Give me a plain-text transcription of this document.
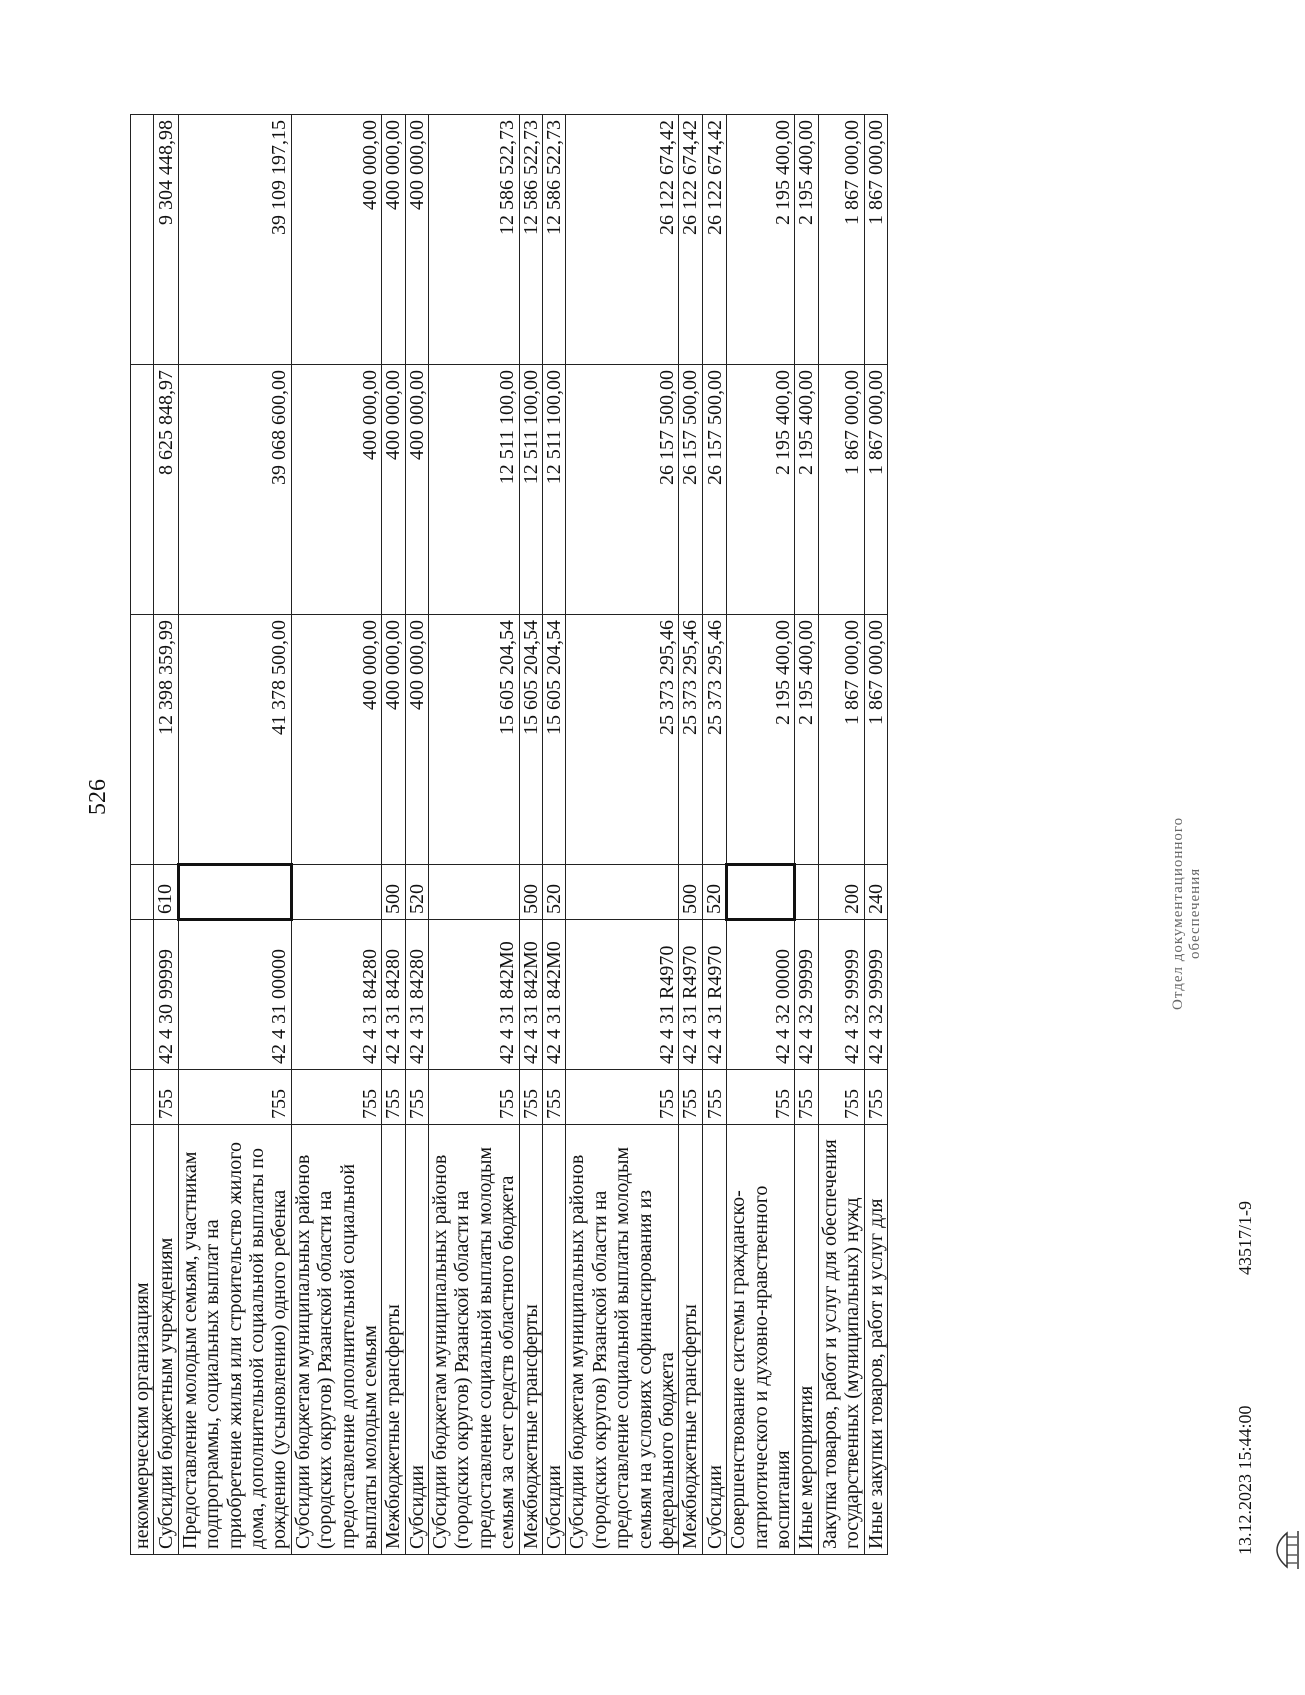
526
некоммерческим организациям						
Субсидии бюджетным учреждениям	755	42 4 30 99999	610	12 398 359,99	8 625 848,97	9 304 448,98
Предоставление молодым семьям, участникам подпрограммы, социальных выплат на приобретение жилья или строительство жилого дома, дополнительной социальной выплаты по рождению (усыновлению) одного ребенка	755	42 4 31 00000		41 378 500,00	39 068 600,00	39 109 197,15
Субсидии бюджетам муниципальных районов (городских округов) Рязанской области на предоставление дополнительной социальной выплаты молодым семьям	755	42 4 31 84280		400 000,00	400 000,00	400 000,00
Межбюджетные трансферты	755	42 4 31 84280	500	400 000,00	400 000,00	400 000,00
Субсидии	755	42 4 31 84280	520	400 000,00	400 000,00	400 000,00
Субсидии бюджетам муниципальных районов (городских округов) Рязанской области на предоставление социальной выплаты молодым семьям за счет средств областного бюджета	755	42 4 31 842М0		15 605 204,54	12 511 100,00	12 586 522,73
Межбюджетные трансферты	755	42 4 31 842М0	500	15 605 204,54	12 511 100,00	12 586 522,73
Субсидии	755	42 4 31 842М0	520	15 605 204,54	12 511 100,00	12 586 522,73
Субсидии бюджетам муниципальных районов (городских округов) Рязанской области на предоставление социальной выплаты молодым семьям на условиях софинансирования из федерального бюджета	755	42 4 31 R4970		25 373 295,46	26 157 500,00	26 122 674,42
Межбюджетные трансферты	755	42 4 31 R4970	500	25 373 295,46	26 157 500,00	26 122 674,42
Субсидии	755	42 4 31 R4970	520	25 373 295,46	26 157 500,00	26 122 674,42
Совершенствование системы гражданско-патриотического и духовно-нравственного воспитания	755	42 4 32 00000		2 195 400,00	2 195 400,00	2 195 400,00
Иные мероприятия	755	42 4 32 99999		2 195 400,00	2 195 400,00	2 195 400,00
Закупка товаров, работ и услуг для обеспечения государственных (муниципальных) нужд	755	42 4 32 99999	200	1 867 000,00	1 867 000,00	1 867 000,00
Иные закупки товаров, работ и услуг для	755	42 4 32 99999	240	1 867 000,00	1 867 000,00	1 867 000,00
Отдел документационного обеспечения
13.12.2023 15:44:00
43517/1-9
